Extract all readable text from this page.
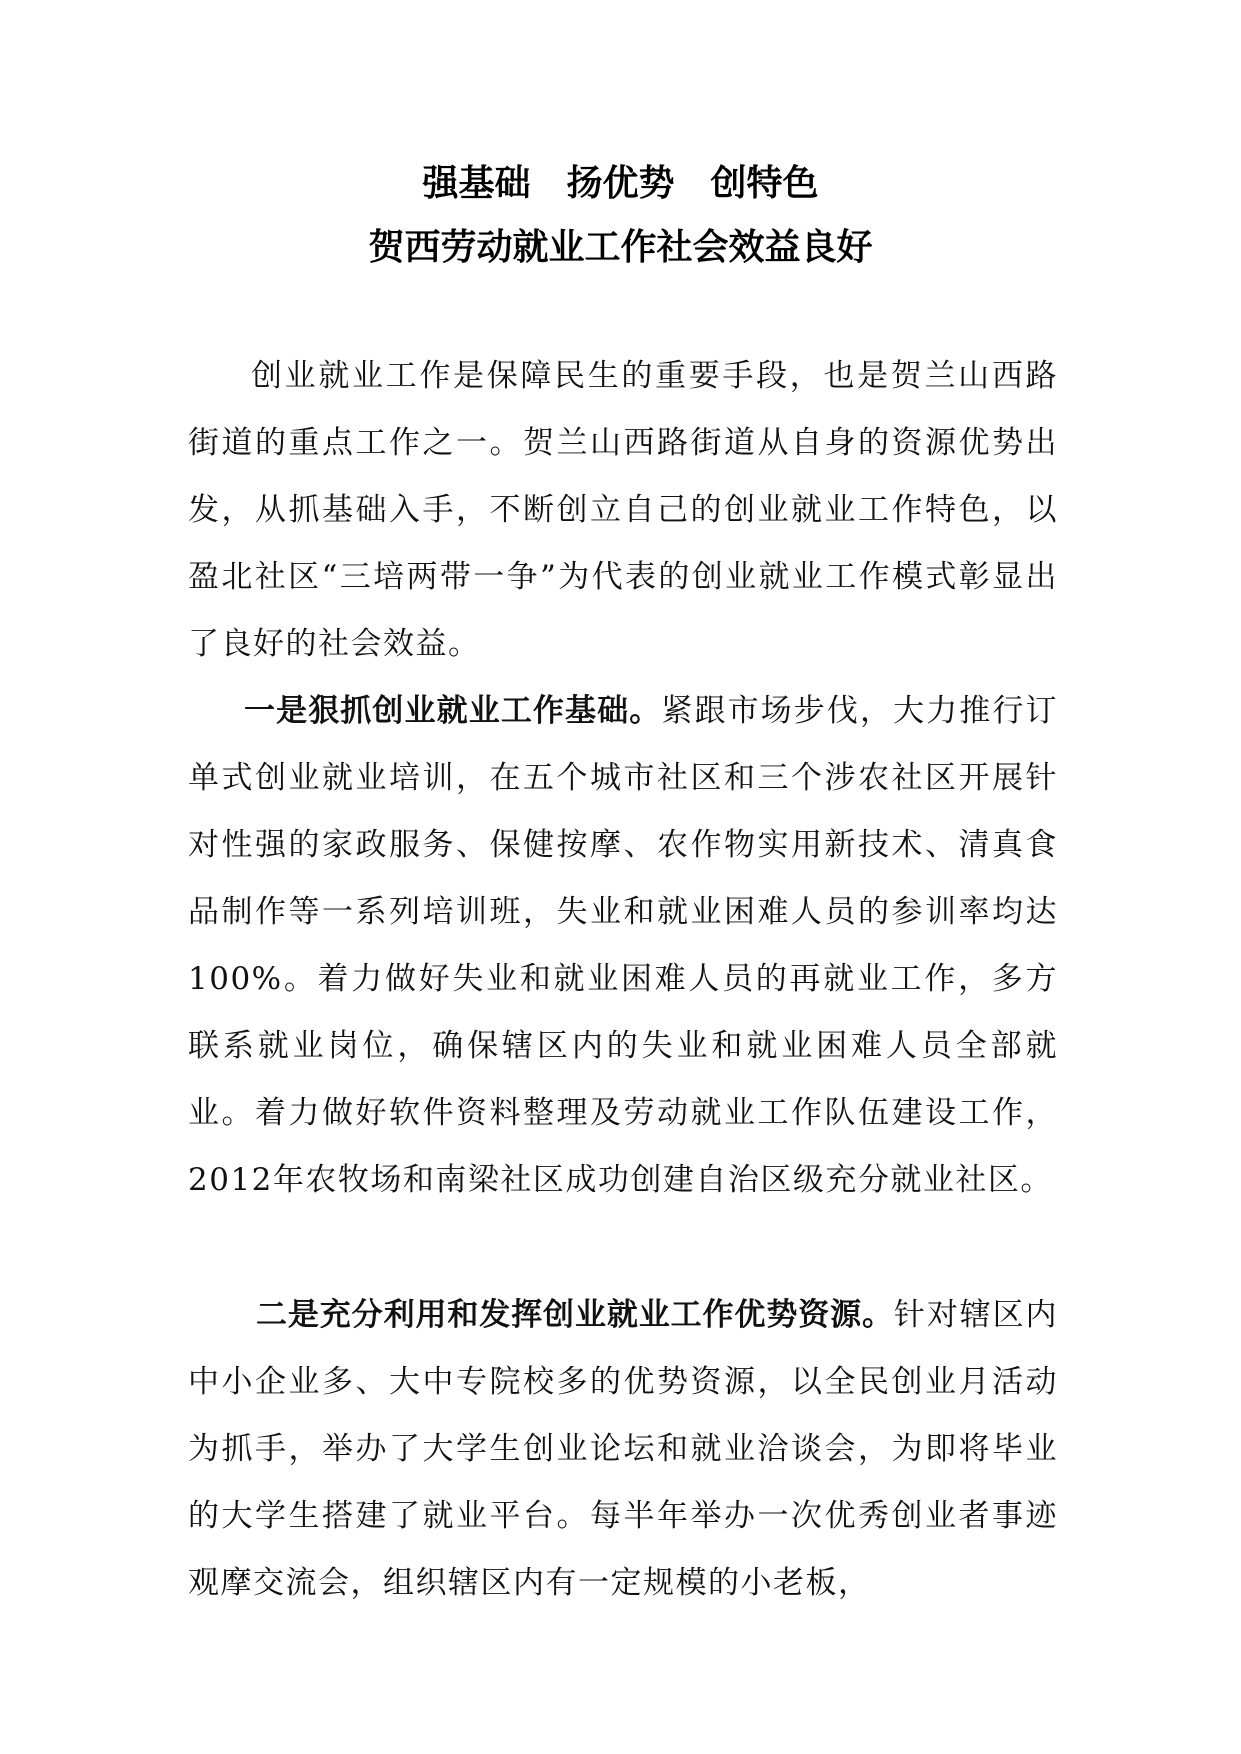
强基础　扬优势　创特色
贺西劳动就业工作社会效益良好

创业就业工作是保障民生的重要手段，也是贺兰山西路街道的重点工作之一。贺兰山西路街道从自身的资源优势出发，从抓基础入手，不断创立自己的创业就业工作特色，以盈北社区“三培两带一争”为代表的创业就业工作模式彰显出了良好的社会效益。

一是狠抓创业就业工作基础。紧跟市场步伐，大力推行订单式创业就业培训，在五个城市社区和三个涉农社区开展针对性强的家政服务、保健按摩、农作物实用新技术、清真食品制作等一系列培训班，失业和就业困难人员的参训率均达100%。着力做好失业和就业困难人员的再就业工作，多方联系就业岗位，确保辖区内的失业和就业困难人员全部就业。着力做好软件资料整理及劳动就业工作队伍建设工作，2012年农牧场和南梁社区成功创建自治区级充分就业社区。

二是充分利用和发挥创业就业工作优势资源。针对辖区内中小企业多、大中专院校多的优势资源，以全民创业月活动为抓手，举办了大学生创业论坛和就业洽谈会，为即将毕业的大学生搭建了就业平台。每半年举办一次优秀创业者事迹观摩交流会，组织辖区内有一定规模的小老板，
